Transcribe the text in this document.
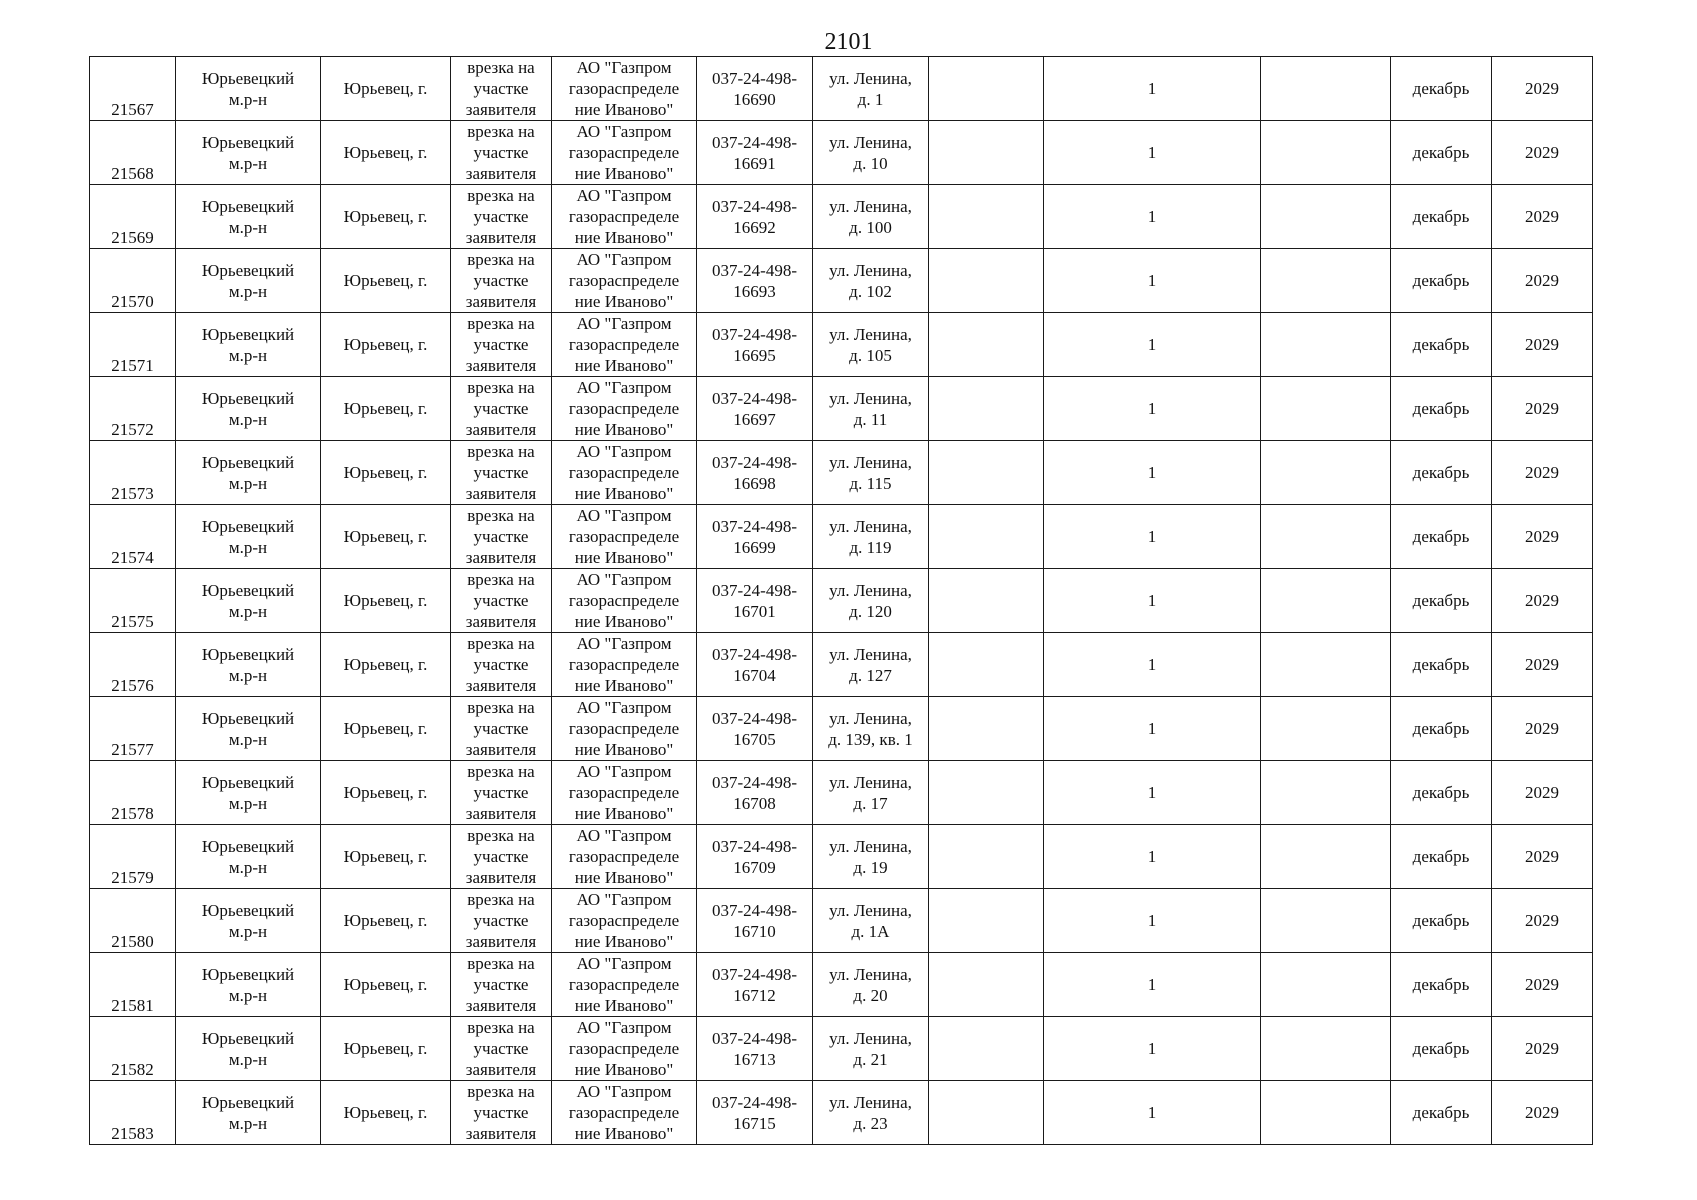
2101
21567	Юрьевецкий
м.р-н	Юрьевец, г.	врезка на
участке
заявителя	АО "Газпром
газораспределе
ние Иваново"	037-24-498-
16690	ул. Ленина,
д. 1		1		декабрь	2029

21568	Юрьевецкий
м.р-н	Юрьевец, г.	врезка на
участке
заявителя	АО "Газпром
газораспределе
ние Иваново"	037-24-498-
16691	ул. Ленина,
д. 10		1		декабрь	2029

21569	Юрьевецкий
м.р-н	Юрьевец, г.	врезка на
участке
заявителя	АО "Газпром
газораспределе
ние Иваново"	037-24-498-
16692	ул. Ленина,
д. 100		1		декабрь	2029

21570	Юрьевецкий
м.р-н	Юрьевец, г.	врезка на
участке
заявителя	АО "Газпром
газораспределе
ние Иваново"	037-24-498-
16693	ул. Ленина,
д. 102		1		декабрь	2029

21571	Юрьевецкий
м.р-н	Юрьевец, г.	врезка на
участке
заявителя	АО "Газпром
газораспределе
ние Иваново"	037-24-498-
16695	ул. Ленина,
д. 105		1		декабрь	2029

21572	Юрьевецкий
м.р-н	Юрьевец, г.	врезка на
участке
заявителя	АО "Газпром
газораспределе
ние Иваново"	037-24-498-
16697	ул. Ленина,
д. 11		1		декабрь	2029

21573	Юрьевецкий
м.р-н	Юрьевец, г.	врезка на
участке
заявителя	АО "Газпром
газораспределе
ние Иваново"	037-24-498-
16698	ул. Ленина,
д. 115		1		декабрь	2029

21574	Юрьевецкий
м.р-н	Юрьевец, г.	врезка на
участке
заявителя	АО "Газпром
газораспределе
ние Иваново"	037-24-498-
16699	ул. Ленина,
д. 119		1		декабрь	2029

21575	Юрьевецкий
м.р-н	Юрьевец, г.	врезка на
участке
заявителя	АО "Газпром
газораспределе
ние Иваново"	037-24-498-
16701	ул. Ленина,
д. 120		1		декабрь	2029

21576	Юрьевецкий
м.р-н	Юрьевец, г.	врезка на
участке
заявителя	АО "Газпром
газораспределе
ние Иваново"	037-24-498-
16704	ул. Ленина,
д. 127		1		декабрь	2029

21577	Юрьевецкий
м.р-н	Юрьевец, г.	врезка на
участке
заявителя	АО "Газпром
газораспределе
ние Иваново"	037-24-498-
16705	ул. Ленина,
д. 139, кв. 1		1		декабрь	2029

21578	Юрьевецкий
м.р-н	Юрьевец, г.	врезка на
участке
заявителя	АО "Газпром
газораспределе
ние Иваново"	037-24-498-
16708	ул. Ленина,
д. 17		1		декабрь	2029

21579	Юрьевецкий
м.р-н	Юрьевец, г.	врезка на
участке
заявителя	АО "Газпром
газораспределе
ние Иваново"	037-24-498-
16709	ул. Ленина,
д. 19		1		декабрь	2029

21580	Юрьевецкий
м.р-н	Юрьевец, г.	врезка на
участке
заявителя	АО "Газпром
газораспределе
ние Иваново"	037-24-498-
16710	ул. Ленина,
д. 1А		1		декабрь	2029

21581	Юрьевецкий
м.р-н	Юрьевец, г.	врезка на
участке
заявителя	АО "Газпром
газораспределе
ние Иваново"	037-24-498-
16712	ул. Ленина,
д. 20		1		декабрь	2029

21582	Юрьевецкий
м.р-н	Юрьевец, г.	врезка на
участке
заявителя	АО "Газпром
газораспределе
ние Иваново"	037-24-498-
16713	ул. Ленина,
д. 21		1		декабрь	2029

21583	Юрьевецкий
м.р-н	Юрьевец, г.	врезка на
участке
заявителя	АО "Газпром
газораспределе
ние Иваново"	037-24-498-
16715	ул. Ленина,
д. 23		1		декабрь	2029
